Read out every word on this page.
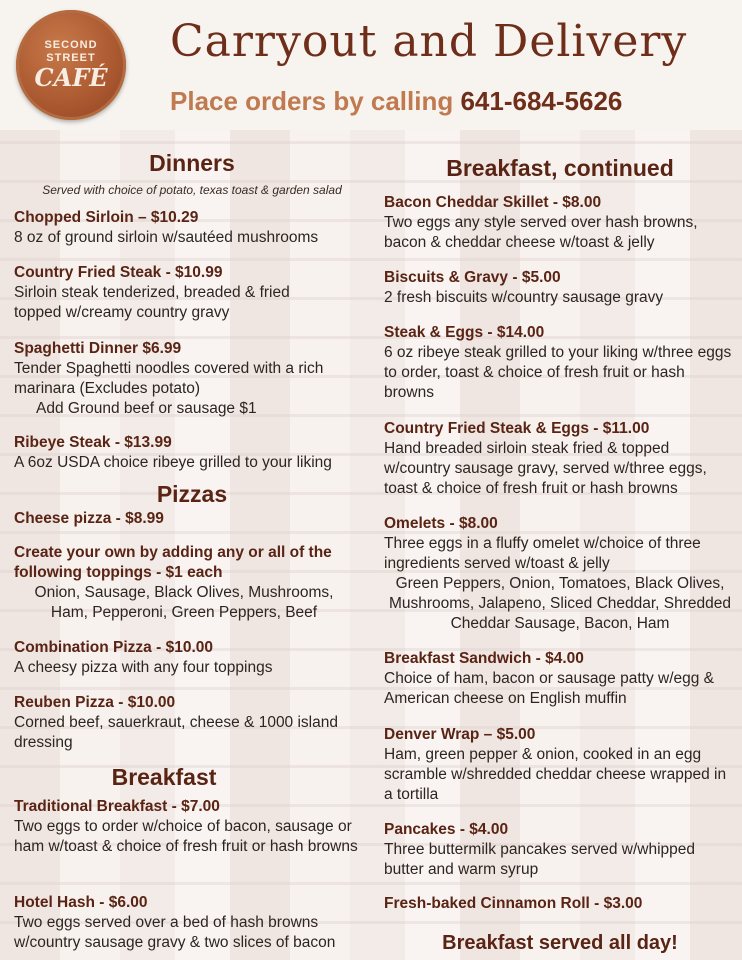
SECOND
STREET
CAFÉ
Carryout and Delivery

Place orders by calling 641-684-5626

Dinners
Served with choice of potato, texas toast & garden salad
Chopped Sirloin – $10.29
8 oz of ground sirloin w/sautéed mushrooms
Country Fried Steak - $10.99
Sirloin steak tenderized, breaded & fried topped w/creamy country gravy
Spaghetti Dinner $6.99
Tender Spaghetti noodles covered with a rich marinara (Excludes potato)
Add Ground beef or sausage $1
Ribeye Steak - $13.99
A 6oz USDA choice ribeye grilled to your liking
Pizzas
Cheese pizza - $8.99
Create your own by adding any or all of the following toppings - $1 each
Onion, Sausage, Black Olives, Mushrooms, Ham, Pepperoni, Green Peppers, Beef
Combination Pizza - $10.00
A cheesy pizza with any four toppings
Reuben Pizza - $10.00
Corned beef, sauerkraut, cheese & 1000 island dressing
Breakfast
Traditional Breakfast - $7.00
Two eggs to order w/choice of bacon, sausage or ham w/toast & choice of fresh fruit or hash browns
Hotel Hash - $6.00
Two eggs served over a bed of hash browns w/country sausage gravy & two slices of bacon
Breakfast, continued
Bacon Cheddar Skillet - $8.00
Two eggs any style served over hash browns, bacon & cheddar cheese w/toast & jelly
Biscuits & Gravy - $5.00
2 fresh biscuits w/country sausage gravy
Steak & Eggs - $14.00
6 oz ribeye steak grilled to your liking w/three eggs to order, toast & choice of fresh fruit or hash browns
Country Fried Steak & Eggs - $11.00
Hand breaded sirloin steak fried & topped w/country sausage gravy, served w/three eggs, toast & choice of fresh fruit or hash browns
Omelets - $8.00
Three eggs in a fluffy omelet w/choice of three ingredients served w/toast & jelly
Green Peppers, Onion, Tomatoes, Black Olives, Mushrooms, Jalapeno, Sliced Cheddar, Shredded Cheddar Sausage, Bacon, Ham
Breakfast Sandwich - $4.00
Choice of ham, bacon or sausage patty w/egg & American cheese on English muffin
Denver Wrap – $5.00
Ham, green pepper & onion, cooked in an egg scramble w/shredded cheddar cheese wrapped in a tortilla
Pancakes - $4.00
Three buttermilk pancakes served w/whipped butter and warm syrup
Fresh-baked Cinnamon Roll - $3.00

Breakfast served all day!
